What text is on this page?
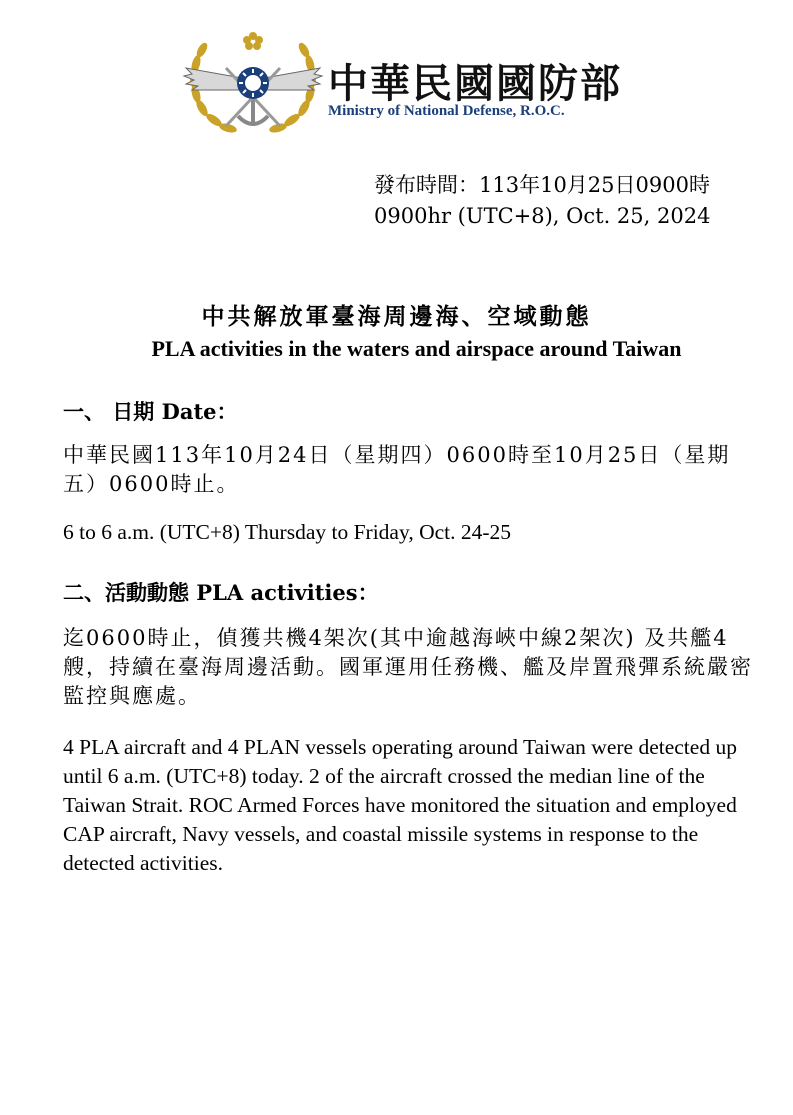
中華民國國防部
Ministry of National Defense, R.O.C.
發布時間：113年10月25日0900時
0900hr (UTC+8), Oct. 25, 2024
中共解放軍臺海周邊海、空域動態
PLA activities in the waters and airspace around Taiwan
一、 日期 Date：
中華民國113年10月24日（星期四）0600時至10月25日（星期五）0600時止。
6 to 6 a.m. (UTC+8) Thursday to Friday, Oct. 24-25
二、活動動態 PLA activities：
迄0600時止，偵獲共機4架次(其中逾越海峽中線2架次) 及共艦4艘，持續在臺海周邊活動。國軍運用任務機、艦及岸置飛彈系統嚴密監控與應處。
4 PLA aircraft and 4 PLAN vessels operating around Taiwan were detected up until 6 a.m. (UTC+8) today. 2 of the aircraft crossed the median line of the Taiwan Strait. ROC Armed Forces have monitored the situation and employed CAP aircraft, Navy vessels, and coastal missile systems in response to the detected activities.
